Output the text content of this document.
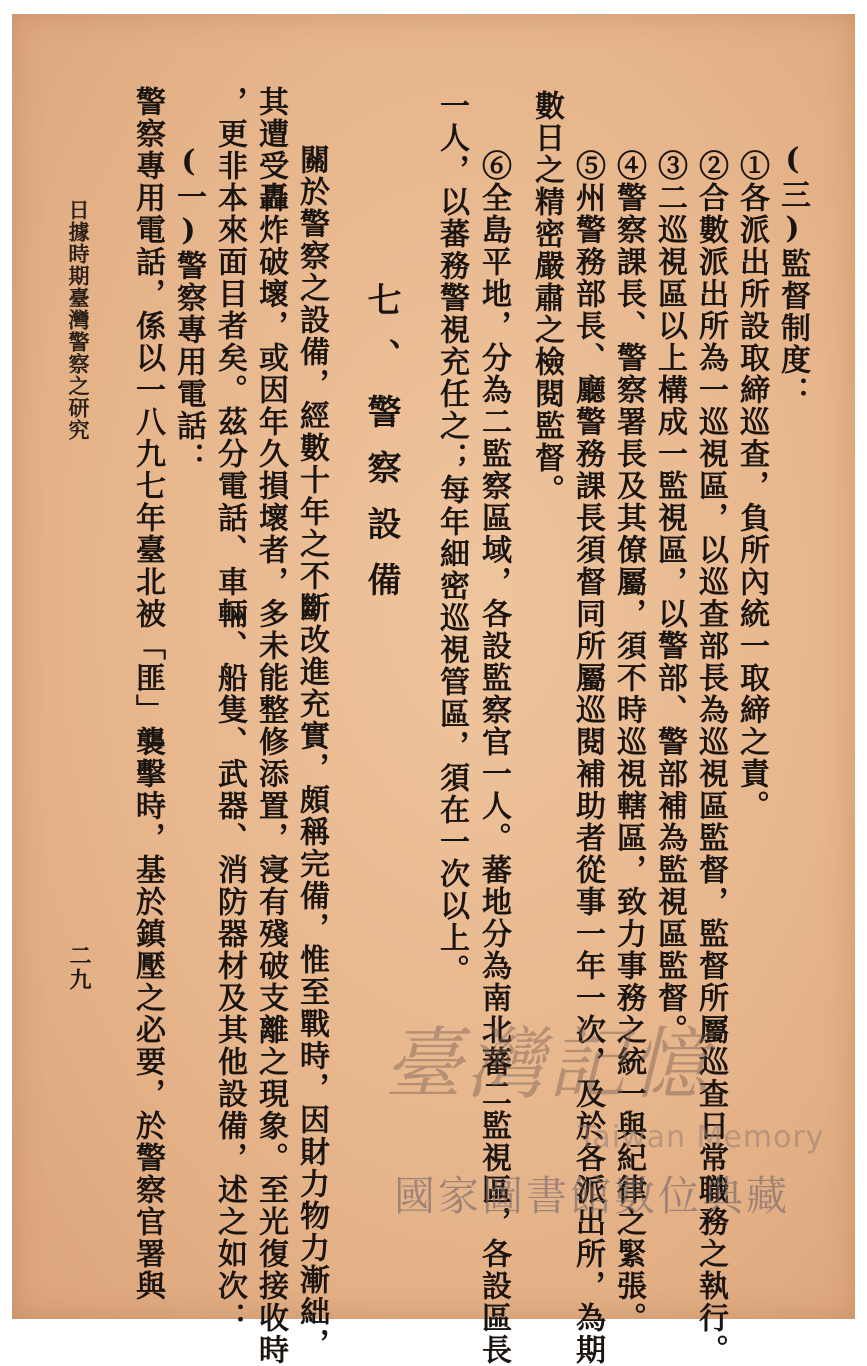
(三)監督制度：
①各派出所設取締巡查，負所內統一取締之責。
②合數派出所為一巡視區，以巡查部長為巡視區監督，監督所屬巡查日常職務之執行。
③二巡視區以上構成一監視區，以警部、警部補為監視區監督。
④警察課長、警察署長及其僚屬，須不時巡視轄區，致力事務之統一與紀律之緊張。
⑤州警務部長、廳警務課長須督同所屬巡閱補助者從事一年一次，及於各派出所，為期
數日之精密嚴肅之檢閱監督。
⑥全島平地，分為二監察區域，各設監察官一人。蕃地分為南北蕃二監視區，各設區長
一人，以蕃務警視充任之；每年細密巡視管區，須在一次以上。
七、警察設備
關於警察之設備，經數十年之不斷改進充實，頗稱完備，惟至戰時，因財力物力漸絀，
其遭受轟炸破壞，或因年久損壞者，多未能整修添置，寖有殘破支離之現象。至光復接收時
，更非本來面目者矣。茲分電話、車輛、船隻、武器、消防器材及其他設備，述之如次：
(一)警察專用電話：
警察專用電話，係以一八九七年臺北被「匪」襲擊時，基於鎮壓之必要，於警察官署與
日據時期臺灣警察之研究
二九
臺灣記憶
Taiwan Memory
國家圖書館數位典藏
